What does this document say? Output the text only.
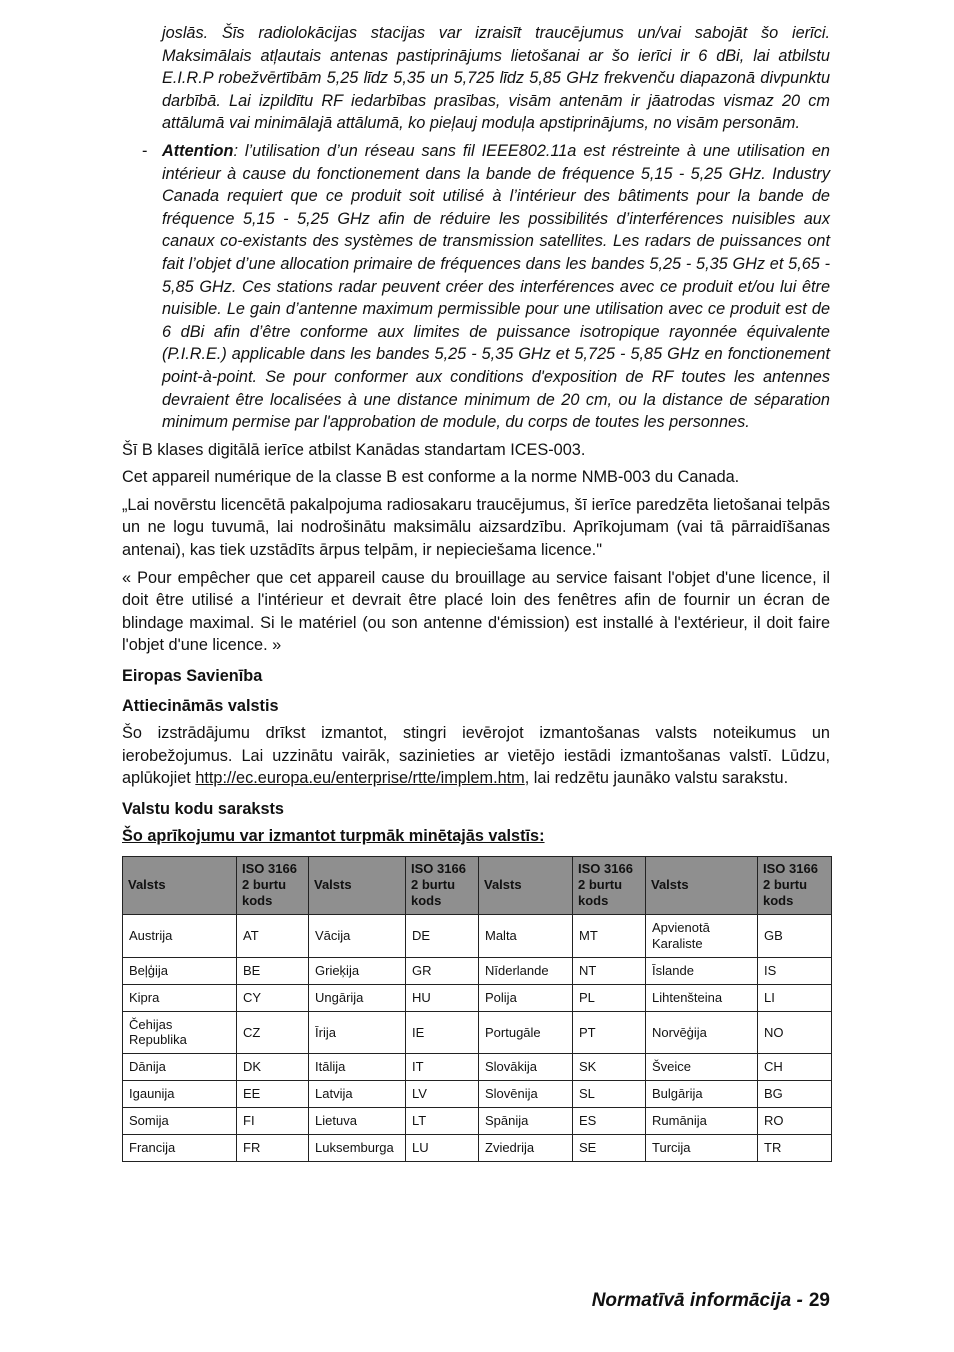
joslās. Šīs radiolokācijas stacijas var izraisīt traucējumus un/vai sabojāt šo ierīci. Maksimālais atļautais antenas pastiprinājums lietošanai ar šo ierīci ir 6 dBi, lai atbilstu E.I.R.P robežvērtībām 5,25 līdz 5,35 un 5,725 līdz 5,85 GHz frekvenču diapazonā divpunktu darbībā. Lai izpildītu RF iedarbības prasības, visām antenām ir jāatrodas vismaz 20 cm attālumā vai minimālajā attālumā, ko pieļauj moduļa apstiprinājums, no visām personām.

- Attention: l’utilisation d’un réseau sans fil IEEE802.11a est réstreinte à une utilisation en intérieur à cause du fonctionement dans la bande de fréquence 5,15 - 5,25 GHz. Industry Canada requiert que ce produit soit utilisé à l’intérieur des bâtiments pour la bande de fréquence 5,15 - 5,25 GHz afin de réduire les possibilités d’interférences nuisibles aux canaux co-existants des systèmes de transmission satellites. Les radars de puissances ont fait l’objet d’une allocation primaire de fréquences dans les bandes 5,25 - 5,35 GHz et 5,65 - 5,85 GHz. Ces stations radar peuvent créer des interférences avec ce produit et/ou lui être nuisible. Le gain d’antenne maximum permissible pour une utilisation avec ce produit est de 6 dBi afin d’être conforme aux limites de puissance isotropique rayonnée équivalente (P.I.R.E.) applicable dans les bandes 5,25 - 5,35 GHz et 5,725 - 5,85 GHz en fonctionement point-à-point. Se pour conformer aux conditions d'exposition de RF toutes les antennes devraient être localisées à une distance minimum de 20 cm, ou la distance de séparation minimum permise par l'approbation de module, du corps de toutes les personnes.

Šī B klases digitālā ierīce atbilst Kanādas standartam ICES-003.

Cet appareil numérique de la classe B est conforme a la norme NMB-003 du Canada.

„Lai novērstu licencētā pakalpojuma radiosakaru traucējumus, šī ierīce paredzēta lietošanai telpās un ne logu tuvumā, lai nodrošinātu maksimālu aizsardzību. Aprīkojumam (vai tā pārraidīšanas antenai), kas tiek uzstādīts ārpus telpām, ir nepieciešama licence."

« Pour empêcher que cet appareil cause du brouillage au service faisant l'objet d'une licence, il doit être utilisé a l'intérieur et devrait être placé loin des fenêtres afin de fournir un écran de blindage maximal. Si le matériel (ou son antenne d'émission) est installé à l'extérieur, il doit faire l'objet d'une licence. »

Eiropas Savienība

Attiecināmās valstis

Šo izstrādājumu drīkst izmantot, stingri ievērojot izmantošanas valsts noteikumus un ierobežojumus. Lai uzzinātu vairāk, sazinieties ar vietējo iestādi izmantošanas valstī. Lūdzu, aplūkojiet http://ec.europa.eu/enterprise/rtte/implem.htm, lai redzētu jaunāko valstu sarakstu.

Valstu kodu saraksts

Šo aprīkojumu var izmantot turpmāk minētajās valstīs:

Valsts	ISO 3166 2 burtu kods	Valsts	ISO 3166 2 burtu kods	Valsts	ISO 3166 2 burtu kods	Valsts	ISO 3166 2 burtu kods
Austrija	AT	Vācija	DE	Malta	MT	Apvienotā Karaliste	GB
Beļģija	BE	Grieķija	GR	Nīderlande	NT	Īslande	IS
Kipra	CY	Ungārija	HU	Polija	PL	Lihtenšteina	LI
Čehijas Republika	CZ	Īrija	IE	Portugāle	PT	Norvēģija	NO
Dānija	DK	Itālija	IT	Slovākija	SK	Šveice	CH
Igaunija	EE	Latvija	LV	Slovēnija	SL	Bulgārija	BG
Somija	FI	Lietuva	LT	Spānija	ES	Rumānija	RO
Francija	FR	Luksemburga	LU	Zviedrija	SE	Turcija	TR
Normatīvā informācija - 29
